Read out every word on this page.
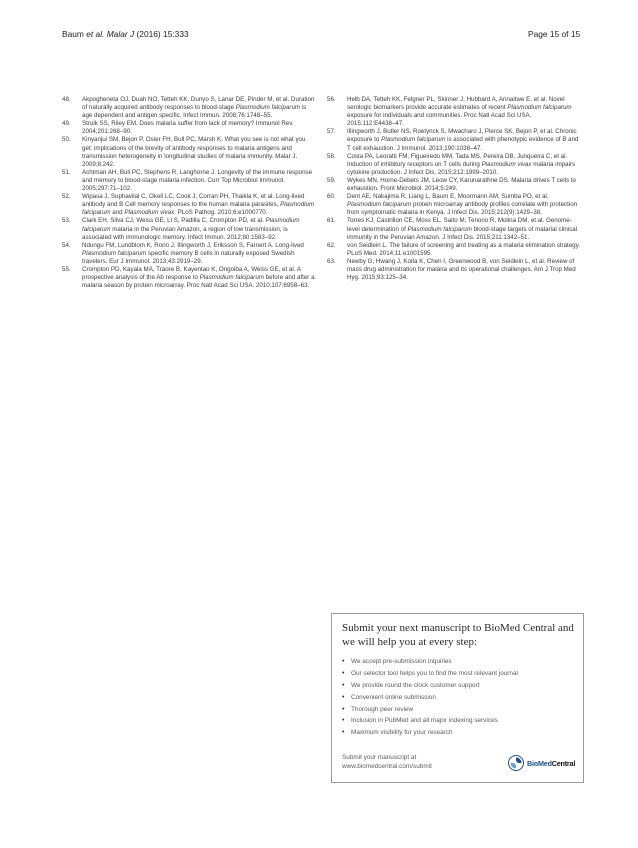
Baum et al. Malar J (2016) 15:333	Page 15 of 15
48.	Akpogheneta OJ, Duah NO, Tetteh KK, Dunyo S, Lanar DE, Pinder M, et al. Duration of naturally acquired antibody responses to blood-stage Plasmodium falciparum is age dependent and antigen specific. Infect Immun. 2008;76:1748–55.
49.	Struik SS, Riley EM. Does malaria suffer from lack of memory? Immunol Rev. 2004;201:268–90.
50.	Kinyanjui SM, Bejon P, Osier FH, Bull PC, Marsh K. What you see is not what you get: implications of the brevity of antibody responses to malaria antigens and transmission heterogeneity in longitudinal studies of malaria immunity. Malar J. 2009;8:242.
51.	Achtman AH, Bull PC, Stephens R, Langhorne J. Longevity of the immune response and memory to blood-stage malaria infection. Curr Top Microbiol Immunol. 2005;297:71–102.
52.	Wipasa J, Suphavilai C, Okell LC, Cook J, Corran PH, Thaikla K, et al. Long-lived antibody and B Cell memory responses to the human malaria parasites, Plasmodium falciparum and Plasmodium vivax. PLoS Pathog. 2010;6:e1000770.
53.	Clark EH, Silva CJ, Weiss GE, Li S, Padilla C, Crompton PD, et al. Plasmodium falciparum malaria in the Peruvian Amazon, a region of low transmission, is associated with immunologic memory. Infect Immun. 2012;80:1583–92.
54.	Ndungu FM, Lundblom K, Rono J, Illingworth J, Eriksson S, Farnert A. Long-lived Plasmodium falciparum specific memory B cells in naturally exposed Swedish travelers. Eur J Immunol. 2013;43:2919–29.
55.	Crompton PD, Kayala MA, Traore B, Kayentao K, Ongoiba A, Weiss GE, et al. A prospective analysis of the Ab response to Plasmodium falciparum before and after a malaria season by protein microarray. Proc Natl Acad Sci USA. 2010;107:6958–63.
56.	Helb DA, Tetteh KK, Felgner PL, Skinner J, Hubbard A, Arinaitwe E, et al. Novel serologic biomarkers provide accurate estimates of recent Plasmodium falciparum exposure for individuals and communities. Proc Natl Acad Sci USA. 2015;112:E4438–47.
57.	Illingworth J, Butler NS, Roetynck S, Mwacharo J, Pierce SK, Bejon P, et al. Chronic exposure to Plasmodium falciparum is associated with phenotypic evidence of B and T cell exhaustion. J Immunol. 2013;190:1038–47.
58.	Costa PA, Leoratti FM, Figueiredo MM, Tada MS, Pereira DB, Junqueira C, et al. Induction of inhibitory receptors on T cells during Plasmodium vivax malaria impairs cytokine production. J Infect Dis. 2015;212:1999–2010.
59.	Wykes MN, Horne-Debets JM, Leow CY, Karunarathne DS. Malaria drives T cells to exhaustion. Front Microbiol. 2014;5:249.
60.	Dent AE, Nakajima R, Liang L, Baum E, Moormann AM, Sumba PO, et al. Plasmodium falciparum protein microarray antibody profiles correlate with protection from symptomatic malaria in Kenya. J Infect Dis. 2015;212(9):1429–38.
61.	Torres KJ, Castrillon CE, Moss EL, Saito M, Tenorio R, Molina DM, et al. Genome-level determination of Plasmodium falciparum blood-stage targets of malarial clinical immunity in the Peruvian Amazon. J Infect Dis. 2015;211:1342–51.
62.	von Seidlein L. The failure of screening and treating as a malaria elimination strategy. PLoS Med. 2014;11:e1001595.
63.	Newby G, Hwang J, Koita K, Chen I, Greenwood B, von Seidlein L, et al. Review of mass drug administration for malaria and its operational challenges. Am J Trop Med Hyg. 2015;93:125–34.
Submit your next manuscript to BioMed Central and we will help you at every step:
•	We accept pre-submission inquiries
•	Our selector tool helps you to find the most relevant journal
•	We provide round the clock customer support
•	Convenient online submission
•	Thorough peer review
•	Inclusion in PubMed and all major indexing services
•	Maximum visibility for your research
Submit your manuscript at
www.biomedcentral.com/submit	BioMedCentral
